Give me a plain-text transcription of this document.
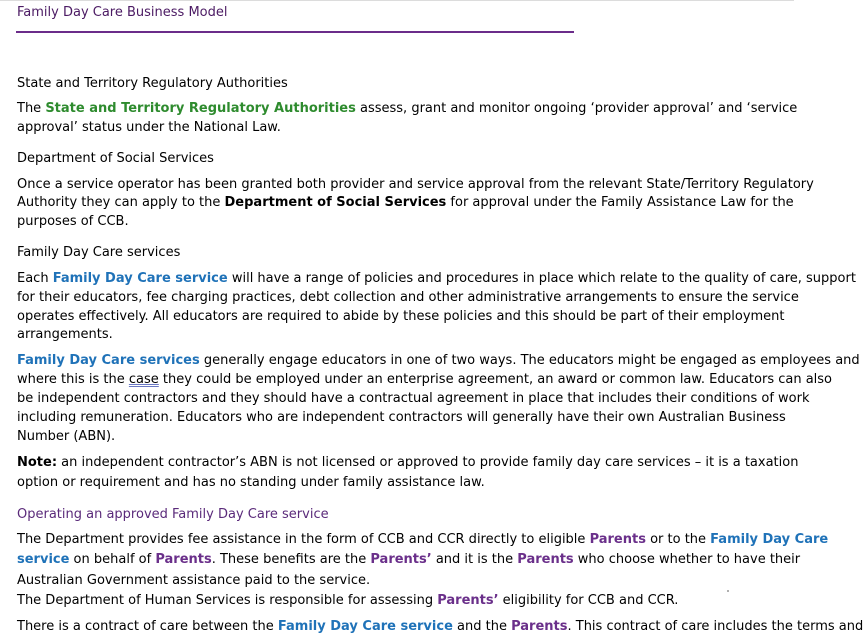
Family Day Care Business Model
State and Territory Regulatory Authorities
The State and Territory Regulatory Authorities assess, grant and monitor ongoing ‘provider approval’ and ‘service
approval’ status under the National Law.
Department of Social Services
Once a service operator has been granted both provider and service approval from the relevant State/Territory Regulatory
Authority they can apply to the Department of Social Services for approval under the Family Assistance Law for the
purposes of CCB.
Family Day Care services
Each Family Day Care service will have a range of policies and procedures in place which relate to the quality of care, support
for their educators, fee charging practices, debt collection and other administrative arrangements to ensure the service
operates effectively. All educators are required to abide by these policies and this should be part of their employment
arrangements.
Family Day Care services generally engage educators in one of two ways. The educators might be engaged as employees and
where this is the case they could be employed under an enterprise agreement, an award or common law. Educators can also
be independent contractors and they should have a contractual agreement in place that includes their conditions of work
including remuneration. Educators who are independent contractors will generally have their own Australian Business
Number (ABN).
Note: an independent contractor’s ABN is not licensed or approved to provide family day care services – it is a taxation
option or requirement and has no standing under family assistance law.
Operating an approved Family Day Care service
The Department provides fee assistance in the form of CCB and CCR directly to eligible Parents or to the Family Day Care
service on behalf of Parents. These benefits are the Parents’ and it is the Parents who choose whether to have their
Australian Government assistance paid to the service.
The Department of Human Services is responsible for assessing Parents’ eligibility for CCB and CCR.
There is a contract of care between the Family Day Care service and the Parents. This contract of care includes the terms and
